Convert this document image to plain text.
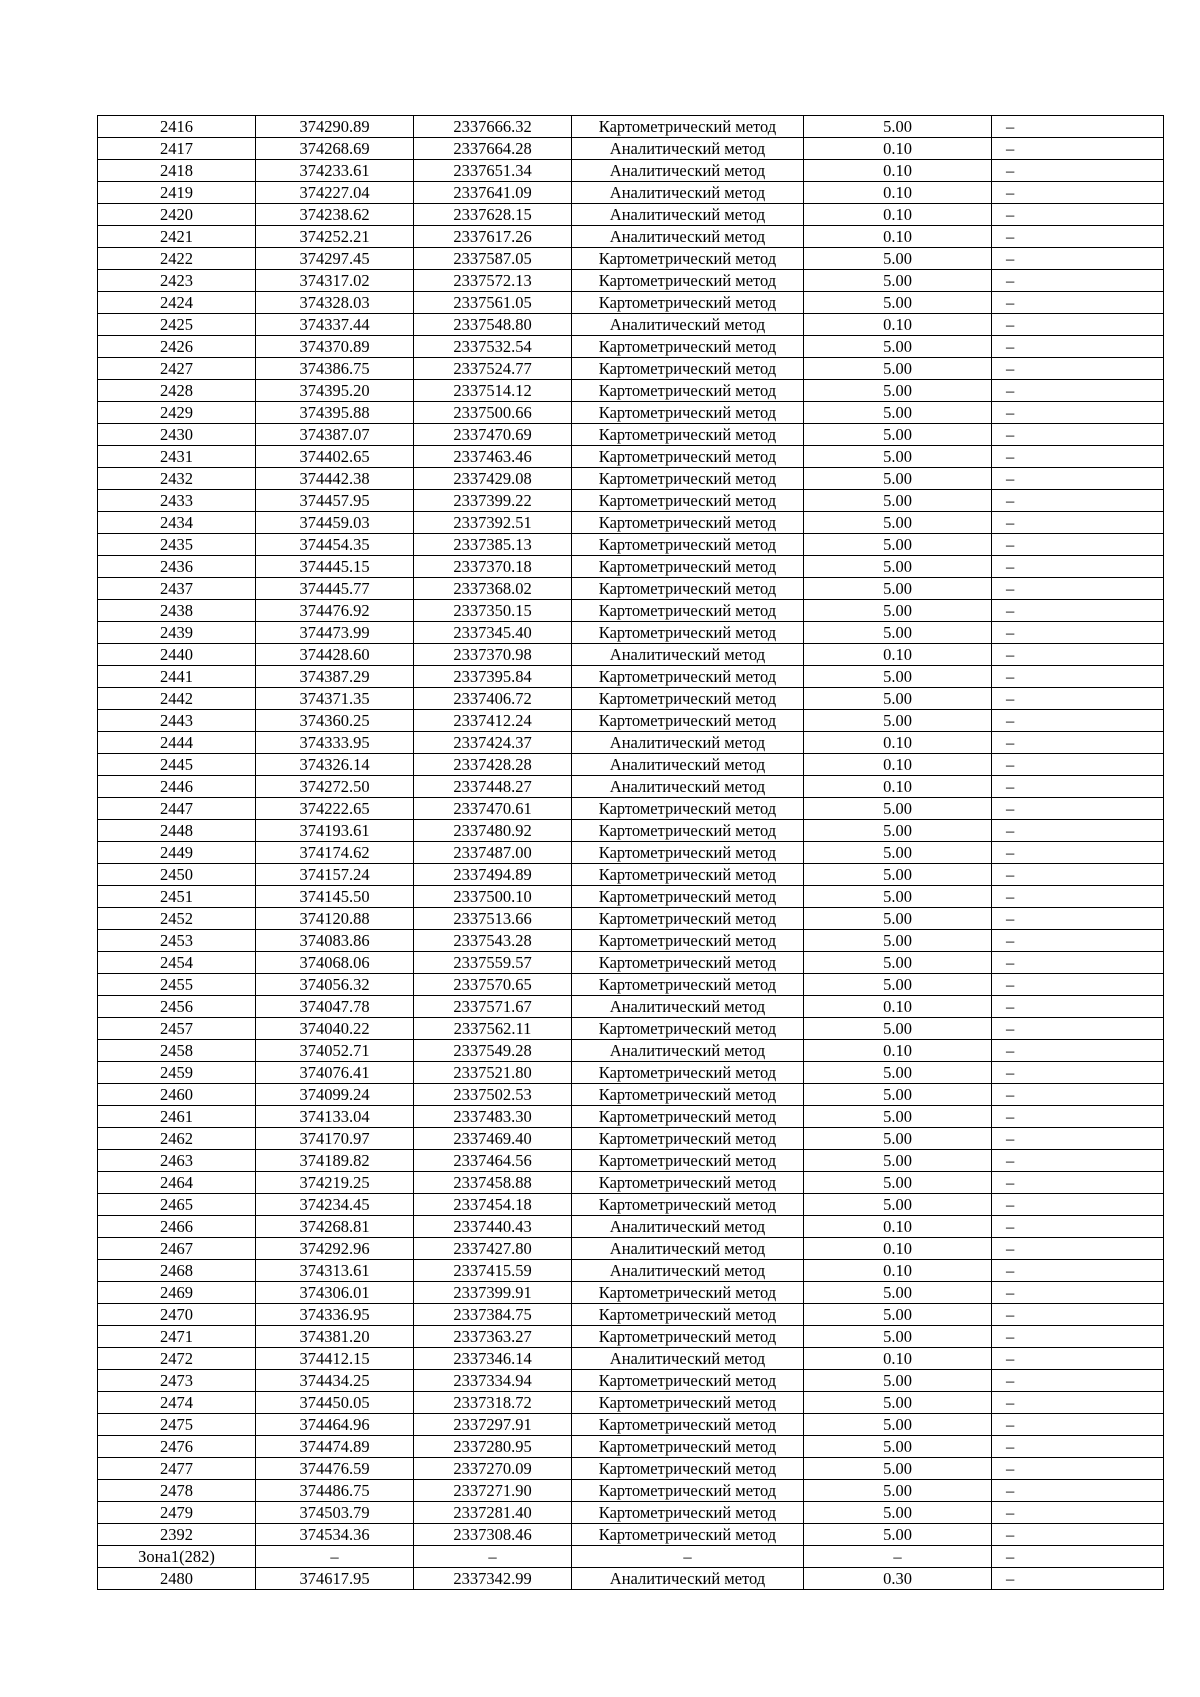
2416	374290.89	2337666.32	Картометрический метод	5.00	–
2417	374268.69	2337664.28	Аналитический метод	0.10	–
2418	374233.61	2337651.34	Аналитический метод	0.10	–
2419	374227.04	2337641.09	Аналитический метод	0.10	–
2420	374238.62	2337628.15	Аналитический метод	0.10	–
2421	374252.21	2337617.26	Аналитический метод	0.10	–
2422	374297.45	2337587.05	Картометрический метод	5.00	–
2423	374317.02	2337572.13	Картометрический метод	5.00	–
2424	374328.03	2337561.05	Картометрический метод	5.00	–
2425	374337.44	2337548.80	Аналитический метод	0.10	–
2426	374370.89	2337532.54	Картометрический метод	5.00	–
2427	374386.75	2337524.77	Картометрический метод	5.00	–
2428	374395.20	2337514.12	Картометрический метод	5.00	–
2429	374395.88	2337500.66	Картометрический метод	5.00	–
2430	374387.07	2337470.69	Картометрический метод	5.00	–
2431	374402.65	2337463.46	Картометрический метод	5.00	–
2432	374442.38	2337429.08	Картометрический метод	5.00	–
2433	374457.95	2337399.22	Картометрический метод	5.00	–
2434	374459.03	2337392.51	Картометрический метод	5.00	–
2435	374454.35	2337385.13	Картометрический метод	5.00	–
2436	374445.15	2337370.18	Картометрический метод	5.00	–
2437	374445.77	2337368.02	Картометрический метод	5.00	–
2438	374476.92	2337350.15	Картометрический метод	5.00	–
2439	374473.99	2337345.40	Картометрический метод	5.00	–
2440	374428.60	2337370.98	Аналитический метод	0.10	–
2441	374387.29	2337395.84	Картометрический метод	5.00	–
2442	374371.35	2337406.72	Картометрический метод	5.00	–
2443	374360.25	2337412.24	Картометрический метод	5.00	–
2444	374333.95	2337424.37	Аналитический метод	0.10	–
2445	374326.14	2337428.28	Аналитический метод	0.10	–
2446	374272.50	2337448.27	Аналитический метод	0.10	–
2447	374222.65	2337470.61	Картометрический метод	5.00	–
2448	374193.61	2337480.92	Картометрический метод	5.00	–
2449	374174.62	2337487.00	Картометрический метод	5.00	–
2450	374157.24	2337494.89	Картометрический метод	5.00	–
2451	374145.50	2337500.10	Картометрический метод	5.00	–
2452	374120.88	2337513.66	Картометрический метод	5.00	–
2453	374083.86	2337543.28	Картометрический метод	5.00	–
2454	374068.06	2337559.57	Картометрический метод	5.00	–
2455	374056.32	2337570.65	Картометрический метод	5.00	–
2456	374047.78	2337571.67	Аналитический метод	0.10	–
2457	374040.22	2337562.11	Картометрический метод	5.00	–
2458	374052.71	2337549.28	Аналитический метод	0.10	–
2459	374076.41	2337521.80	Картометрический метод	5.00	–
2460	374099.24	2337502.53	Картометрический метод	5.00	–
2461	374133.04	2337483.30	Картометрический метод	5.00	–
2462	374170.97	2337469.40	Картометрический метод	5.00	–
2463	374189.82	2337464.56	Картометрический метод	5.00	–
2464	374219.25	2337458.88	Картометрический метод	5.00	–
2465	374234.45	2337454.18	Картометрический метод	5.00	–
2466	374268.81	2337440.43	Аналитический метод	0.10	–
2467	374292.96	2337427.80	Аналитический метод	0.10	–
2468	374313.61	2337415.59	Аналитический метод	0.10	–
2469	374306.01	2337399.91	Картометрический метод	5.00	–
2470	374336.95	2337384.75	Картометрический метод	5.00	–
2471	374381.20	2337363.27	Картометрический метод	5.00	–
2472	374412.15	2337346.14	Аналитический метод	0.10	–
2473	374434.25	2337334.94	Картометрический метод	5.00	–
2474	374450.05	2337318.72	Картометрический метод	5.00	–
2475	374464.96	2337297.91	Картометрический метод	5.00	–
2476	374474.89	2337280.95	Картометрический метод	5.00	–
2477	374476.59	2337270.09	Картометрический метод	5.00	–
2478	374486.75	2337271.90	Картометрический метод	5.00	–
2479	374503.79	2337281.40	Картометрический метод	5.00	–
2392	374534.36	2337308.46	Картометрический метод	5.00	–
Зона1(282)	–	–	–	–	–
2480	374617.95	2337342.99	Аналитический метод	0.30	–
